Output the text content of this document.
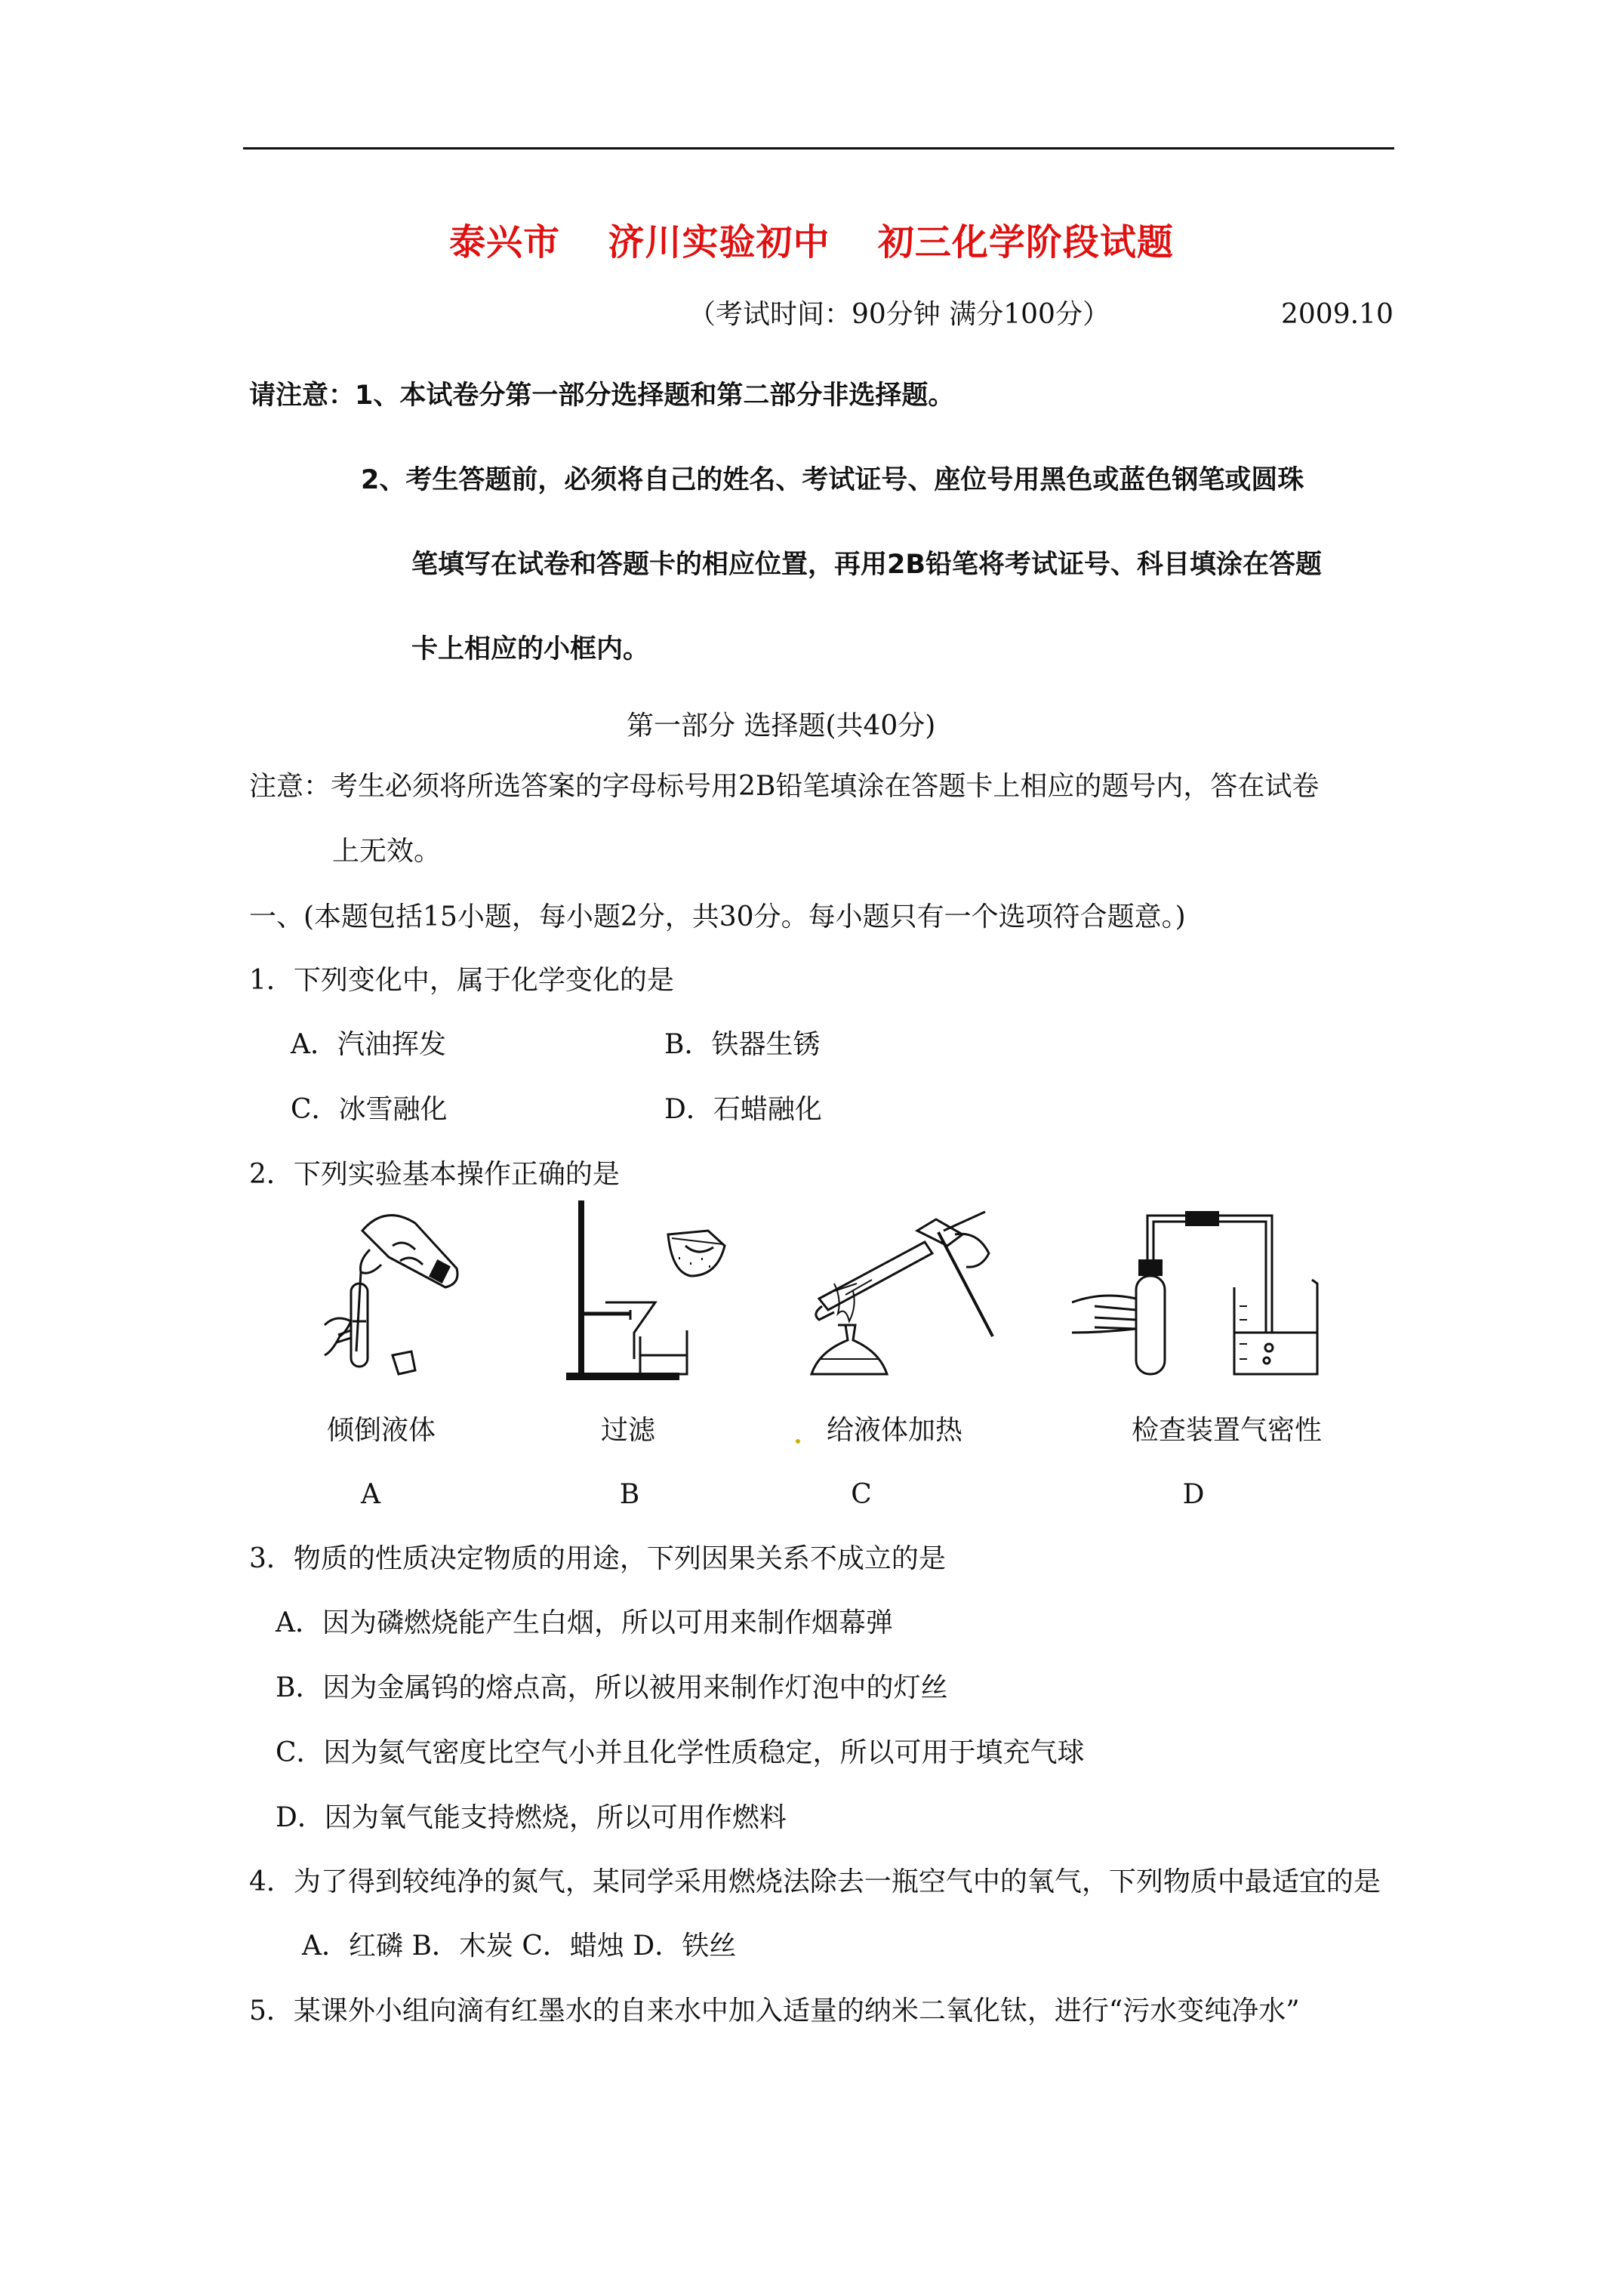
泰兴市  济川实验初中  初三化学阶段试题
（考试时间：90分钟 满分100分）	2009.10
请注意：1、本试卷分第一部分选择题和第二部分非选择题。
2、考生答题前，必须将自己的姓名、考试证号、座位号用黑色或蓝色钢笔或圆珠
笔填写在试卷和答题卡的相应位置，再用2B铅笔将考试证号、科目填涂在答题
卡上相应的小框内。
第一部分 选择题(共40分)
注意：考生必须将所选答案的字母标号用2B铅笔填涂在答题卡上相应的题号内，答在试卷
上无效。
一、(本题包括15小题，每小题2分，共30分。每小题只有一个选项符合题意。)
1．下列变化中，属于化学变化的是
A．汽油挥发	B．铁器生锈
C．冰雪融化	D．石蜡融化
2．下列实验基本操作正确的是
倾倒液体	过滤	给液体加热	检查装置气密性
A	B	C	D
3．物质的性质决定物质的用途，下列因果关系不成立的是
A．因为磷燃烧能产生白烟，所以可用来制作烟幕弹
B．因为金属钨的熔点高，所以被用来制作灯泡中的灯丝
C．因为氦气密度比空气小并且化学性质稳定，所以可用于填充气球
D．因为氧气能支持燃烧，所以可用作燃料
4．为了得到较纯净的氮气，某同学采用燃烧法除去一瓶空气中的氧气，下列物质中最适宜的是
A．红磷 B．木炭 C．蜡烛 D．铁丝
5．某课外小组向滴有红墨水的自来水中加入适量的纳米二氧化钛，进行“污水变纯净水”
